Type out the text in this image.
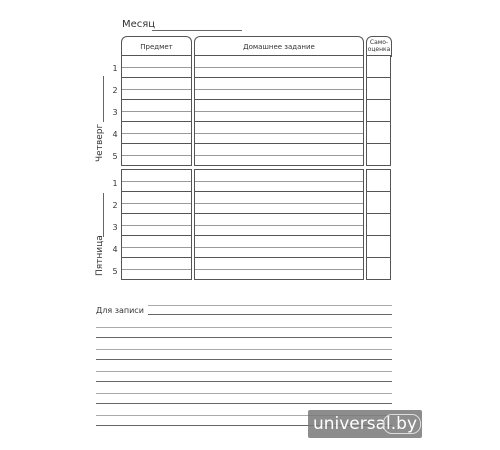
Месяц
Предмет	Домашнее задание
Само-
оценка
1
2
3
4
5
Четверг
1
2
3
4
5
Пятница
Для записи
universal.by
